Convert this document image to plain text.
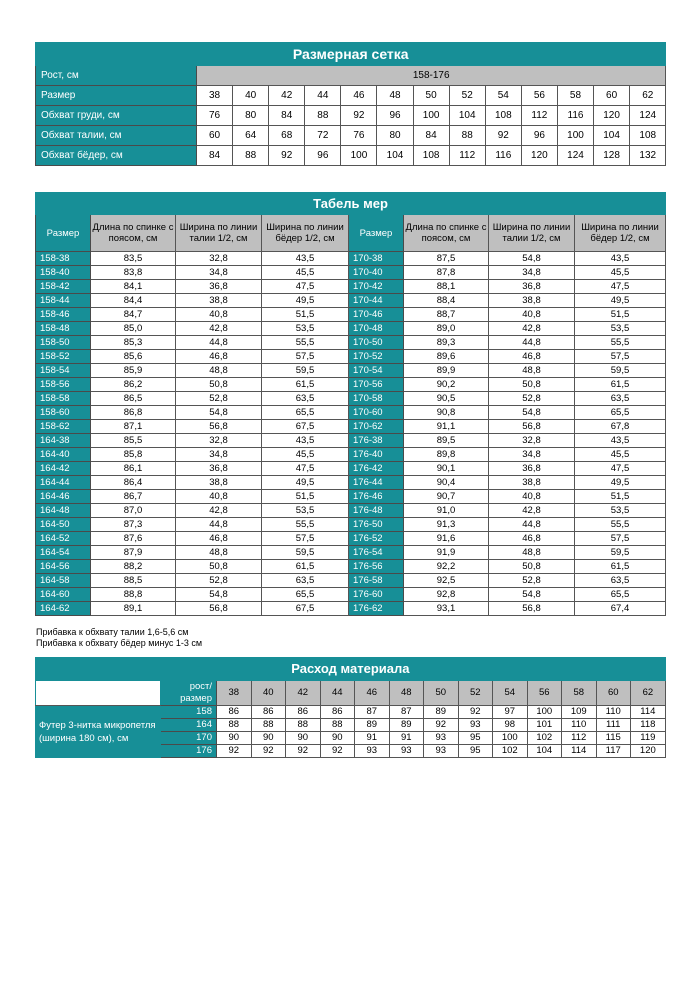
Размерная сетка													
Рост, см	158-176												
Размер	38	40	42	44	46	48	50	52	54	56	58	60	62
Обхват груди, см	76	80	84	88	92	96	100	104	108	112	116	120	124
Обхват талии, см	60	64	68	72	76	80	84	88	92	96	100	104	108
Обхват бёдер, см	84	88	92	96	100	104	108	112	116	120	124	128	132
Табель мер							
Размер	Длина по спинке с поясом, см	Ширина по линии талии 1/2, см	Ширина по линии бёдер 1/2, см	Размер	Длина по спинке с поясом, см	Ширина по линии талии 1/2, см	Ширина по линии бёдер 1/2, см
158-38	83,5	32,8	43,5	170-38	87,5	54,8	43,5
158-40	83,8	34,8	45,5	170-40	87,8	34,8	45,5
158-42	84,1	36,8	47,5	170-42	88,1	36,8	47,5
158-44	84,4	38,8	49,5	170-44	88,4	38,8	49,5
158-46	84,7	40,8	51,5	170-46	88,7	40,8	51,5
158-48	85,0	42,8	53,5	170-48	89,0	42,8	53,5
158-50	85,3	44,8	55,5	170-50	89,3	44,8	55,5
158-52	85,6	46,8	57,5	170-52	89,6	46,8	57,5
158-54	85,9	48,8	59,5	170-54	89,9	48,8	59,5
158-56	86,2	50,8	61,5	170-56	90,2	50,8	61,5
158-58	86,5	52,8	63,5	170-58	90,5	52,8	63,5
158-60	86,8	54,8	65,5	170-60	90,8	54,8	65,5
158-62	87,1	56,8	67,5	170-62	91,1	56,8	67,8
164-38	85,5	32,8	43,5	176-38	89,5	32,8	43,5
164-40	85,8	34,8	45,5	176-40	89,8	34,8	45,5
164-42	86,1	36,8	47,5	176-42	90,1	36,8	47,5
164-44	86,4	38,8	49,5	176-44	90,4	38,8	49,5
164-46	86,7	40,8	51,5	176-46	90,7	40,8	51,5
164-48	87,0	42,8	53,5	176-48	91,0	42,8	53,5
164-50	87,3	44,8	55,5	176-50	91,3	44,8	55,5
164-52	87,6	46,8	57,5	176-52	91,6	46,8	57,5
164-54	87,9	48,8	59,5	176-54	91,9	48,8	59,5
164-56	88,2	50,8	61,5	176-56	92,2	50,8	61,5
164-58	88,5	52,8	63,5	176-58	92,5	52,8	63,5
164-60	88,8	54,8	65,5	176-60	92,8	54,8	65,5
164-62	89,1	56,8	67,5	176-62	93,1	56,8	67,4
Прибавка к обхвату талии 1,6-5,6 см
Прибавка к обхвату бёдер минус 1-3 см
Расход материала														
	рост/размер	38	40	42	44	46	48	50	52	54	56	58	60	62
Футер 3-нитка микропетля (ширина 180 см), см	158	86	86	86	86	87	87	89	92	97	100	109	110	114
	164	88	88	88	88	89	89	92	93	98	101	110	111	118
	170	90	90	90	90	91	91	93	95	100	102	112	115	119
	176	92	92	92	92	93	93	93	95	102	104	114	117	120
